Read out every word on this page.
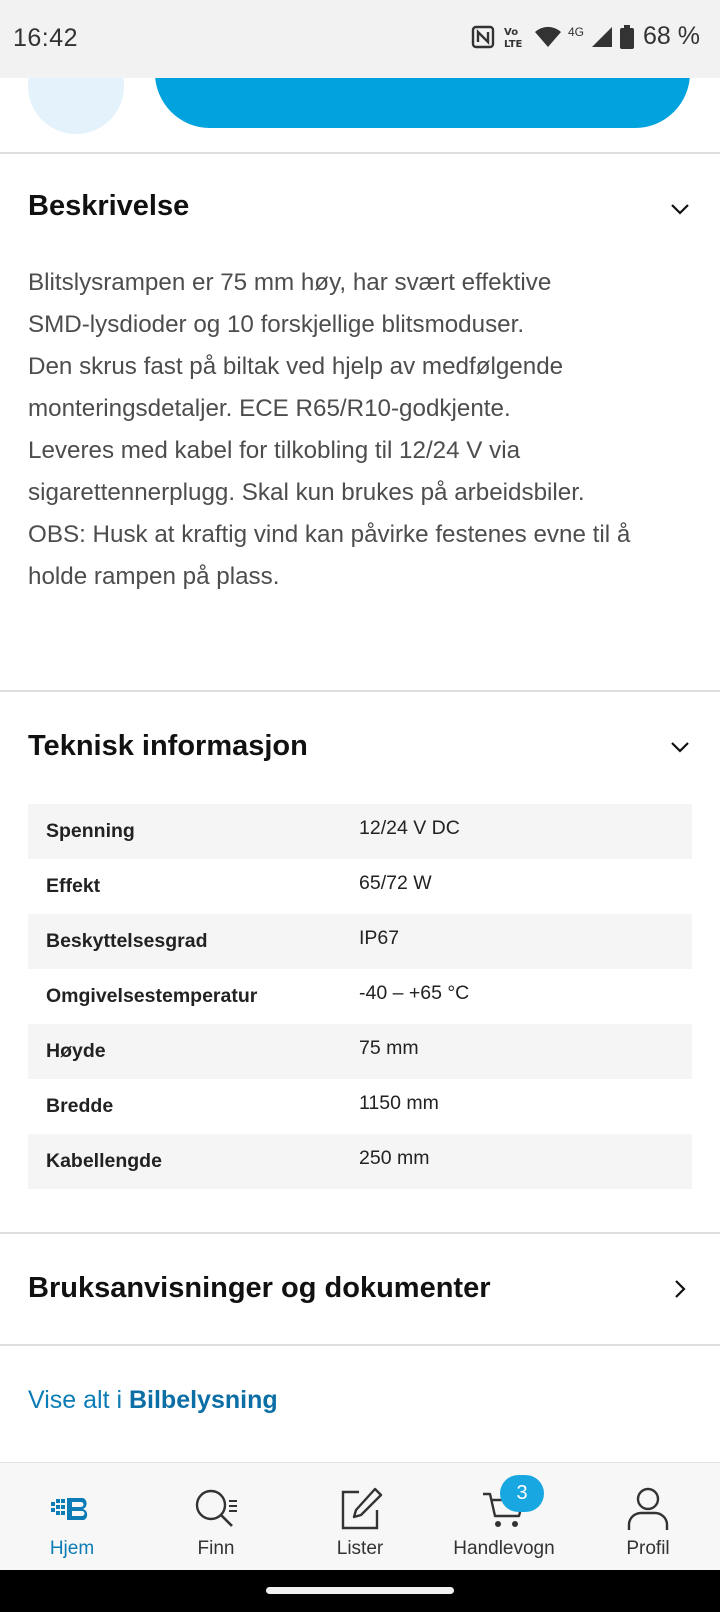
16:42	Vo
LTE
4G 68 %
Beskrivelse

Blitslysrampen er 75 mm høy, har svært effektive

SMD-lysdioder og 10 forskjellige blitsmoduser.

Den skrus fast på biltak ved hjelp av medfølgende

monteringsdetaljer. ECE R65/R10-godkjente.

Leveres med kabel for tilkobling til 12/24 V via

sigarettennerplugg. Skal kun brukes på arbeidsbiler.

OBS: Husk at kraftig vind kan påvirke festenes evne til å

holde rampen på plass.

Teknisk informasjon
Spenning	12/24 V DC
Effekt	65/72 W
Beskyttelsesgrad	IP67
Omgivelsestemperatur	-40 – +65 °C
Høyde	75 mm
Bredde	1150 mm
Kabellengde	250 mm
Bruksanvisninger og dokumenter
Vise alt i Bilbelysning
Hjem	Finn	Lister	Handlevogn
3
Profil
